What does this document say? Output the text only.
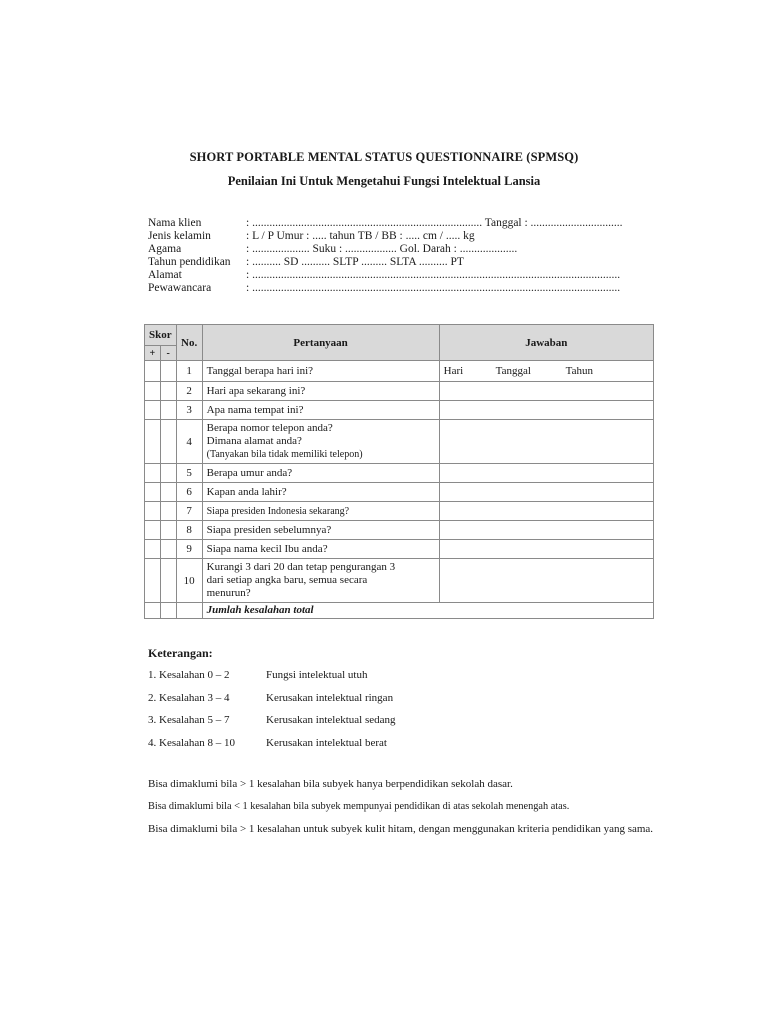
SHORT PORTABLE MENTAL STATUS QUESTIONNAIRE (SPMSQ)
Penilaian Ini Untuk Mengetahui Fungsi Intelektual Lansia
Nama klien	: ................................................................................ Tanggal : ................................
Jenis kelamin	: L / P Umur : ..... tahun TB / BB : ..... cm / ..... kg
Agama	: .................... Suku : .................. Gol. Darah : ....................
Tahun pendidikan	: .......... SD .......... SLTP ......... SLTA .......... PT
Alamat	: ................................................................................................................................
Pewawancara	: ................................................................................................................................
Skor		No.	Pertanyaan	Jawaban
+	-			
		1	Tanggal berapa hari ini?	Hari Tanggal Tahun

		2	Hari apa sekarang ini?	
		3	Apa nama tempat ini?	
		4	Berapa nomor telepon anda?
Dimana alamat anda?
(Tanyakan bila tidak memiliki telepon)	

		5	Berapa umur anda?	
		6	Kapan anda lahir?	
		7	Siapa presiden Indonesia sekarang?	
		8	Siapa presiden sebelumnya?	
		9	Siapa nama kecil Ibu anda?	
		10	Kurangi 3 dari 20 dan tetap pengurangan 3
dari setiap angka baru, semua secara
menurun?	

			Jumlah kesalahan total	
Keterangan:
1. Kesalahan 0 – 2	Fungsi intelektual utuh
2. Kesalahan 3 – 4	Kerusakan intelektual ringan
3. Kesalahan 5 – 7	Kerusakan intelektual sedang
4. Kesalahan 8 – 10	Kerusakan intelektual berat
Bisa dimaklumi bila > 1 kesalahan bila subyek hanya berpendidikan sekolah dasar.
Bisa dimaklumi bila < 1 kesalahan bila subyek mempunyai pendidikan di atas sekolah menengah atas.
Bisa dimaklumi bila > 1 kesalahan untuk subyek kulit hitam, dengan menggunakan kriteria pendidikan yang sama.
